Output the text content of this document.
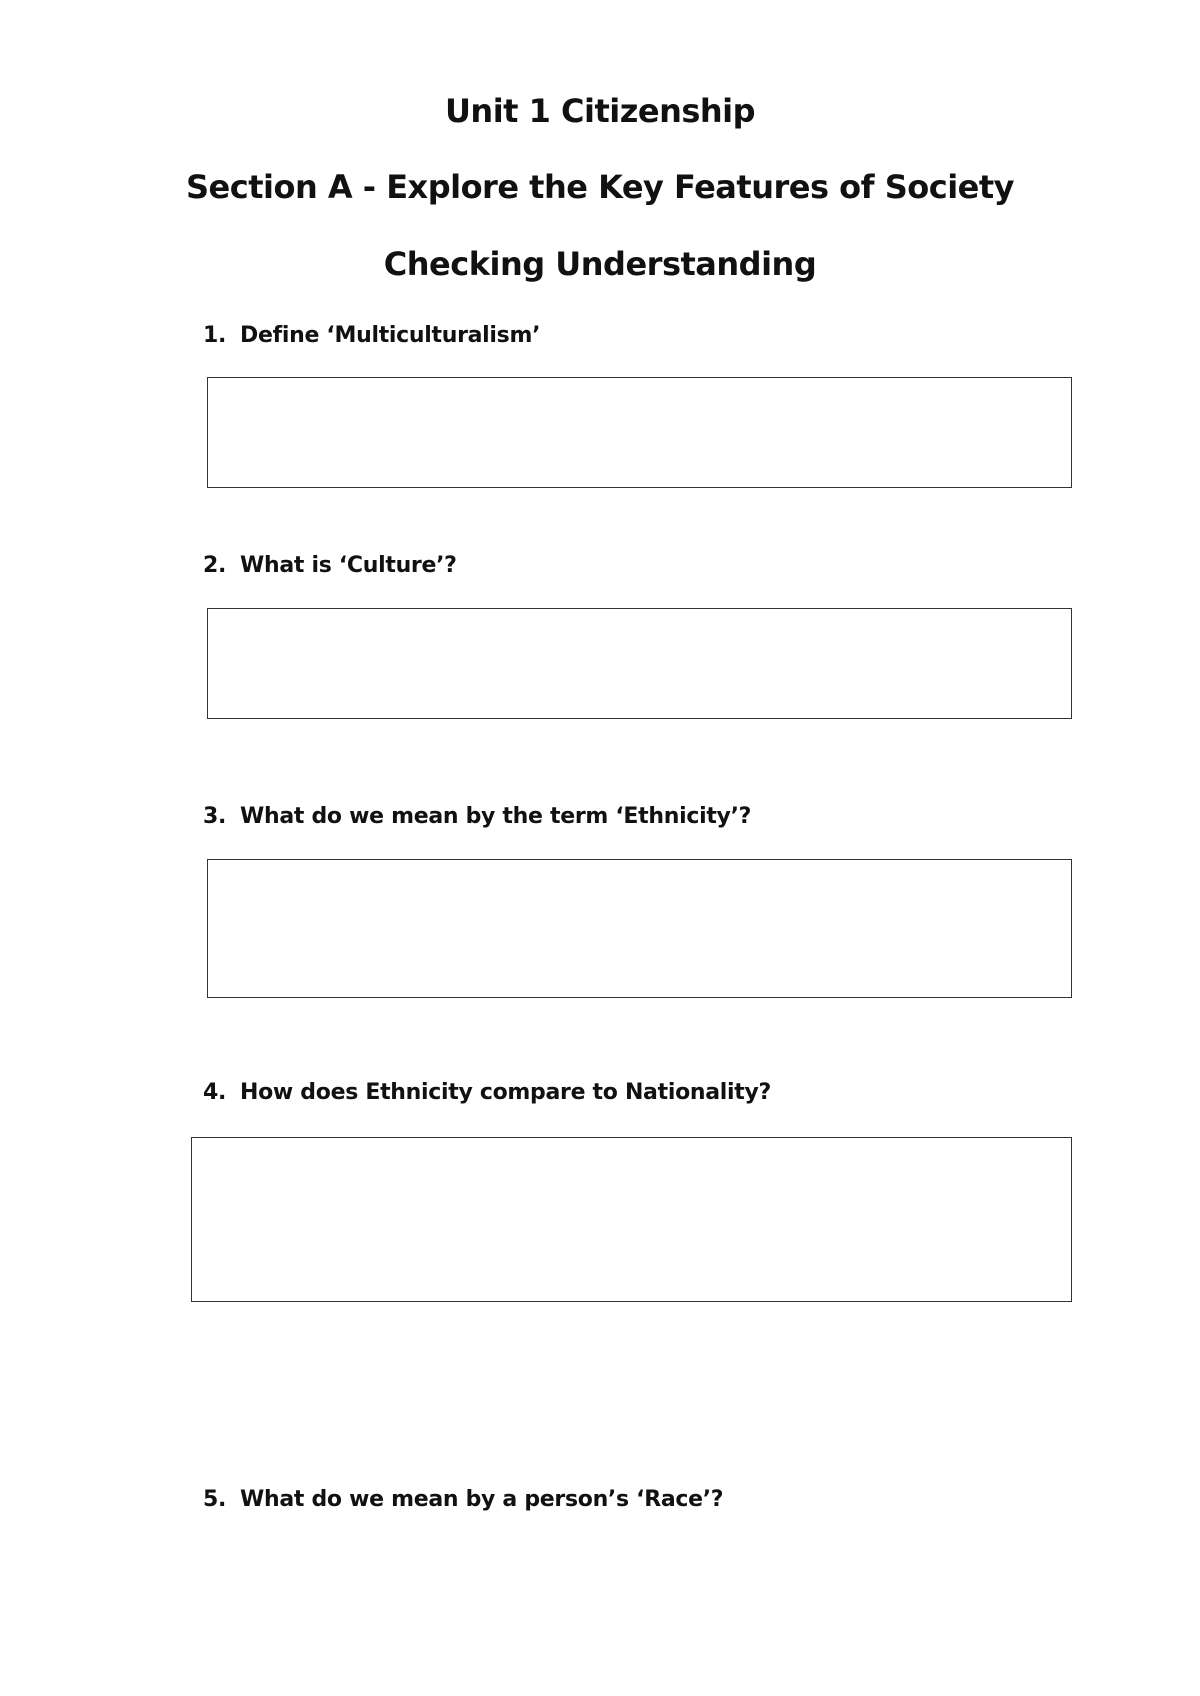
Unit 1 Citizenship
Section A - Explore the Key Features of Society
Checking Understanding
1. Define ‘Multiculturalism’
2. What is ‘Culture’?
3. What do we mean by the term ‘Ethnicity’?
4. How does Ethnicity compare to Nationality?
5. What do we mean by a person’s ‘Race’?
